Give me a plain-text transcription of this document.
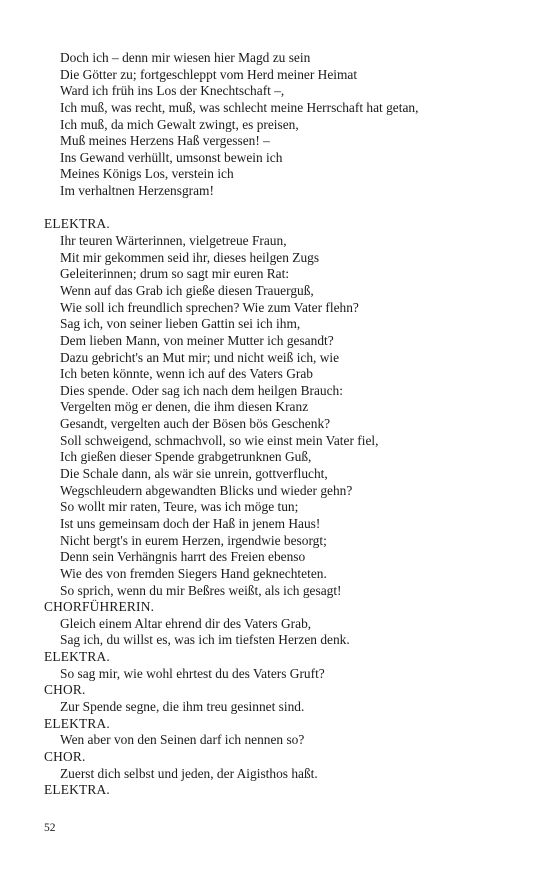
Doch ich – denn mir wiesen hier Magd zu sein
Die Götter zu; fortgeschleppt vom Herd meiner Heimat
Ward ich früh ins Los der Knechtschaft –,
Ich muß, was recht, muß, was schlecht meine Herrschaft hat getan,
Ich muß, da mich Gewalt zwingt, es preisen,
Muß meines Herzens Haß vergessen! –
Ins Gewand verhüllt, umsonst bewein ich
Meines Königs Los, verstein ich
Im verhaltnen Herzensgram!
ELEKTRA.
Ihr teuren Wärterinnen, vielgetreue Fraun,
Mit mir gekommen seid ihr, dieses heilgen Zugs
Geleiterinnen; drum so sagt mir euren Rat:
Wenn auf das Grab ich gieße diesen Trauerguß,
Wie soll ich freundlich sprechen? Wie zum Vater flehn?
Sag ich, von seiner lieben Gattin sei ich ihm,
Dem lieben Mann, von meiner Mutter ich gesandt?
Dazu gebricht's an Mut mir; und nicht weiß ich, wie
Ich beten könnte, wenn ich auf des Vaters Grab
Dies spende. Oder sag ich nach dem heilgen Brauch:
Vergelten mög er denen, die ihm diesen Kranz
Gesandt, vergelten auch der Bösen bös Geschenk?
Soll schweigend, schmachvoll, so wie einst mein Vater fiel,
Ich gießen dieser Spende grabgetrunknen Guß,
Die Schale dann, als wär sie unrein, gottverflucht,
Wegschleudern abgewandten Blicks und wieder gehn?
So wollt mir raten, Teure, was ich möge tun;
Ist uns gemeinsam doch der Haß in jenem Haus!
Nicht bergt's in eurem Herzen, irgendwie besorgt;
Denn sein Verhängnis harrt des Freien ebenso
Wie des von fremden Siegers Hand geknechteten.
So sprich, wenn du mir Beßres weißt, als ich gesagt!
CHORFÜHRERIN.
Gleich einem Altar ehrend dir des Vaters Grab,
Sag ich, du willst es, was ich im tiefsten Herzen denk.
ELEKTRA.
So sag mir, wie wohl ehrtest du des Vaters Gruft?
CHOR.
Zur Spende segne, die ihm treu gesinnet sind.
ELEKTRA.
Wen aber von den Seinen darf ich nennen so?
CHOR.
Zuerst dich selbst und jeden, der Aigisthos haßt.
ELEKTRA.
52
